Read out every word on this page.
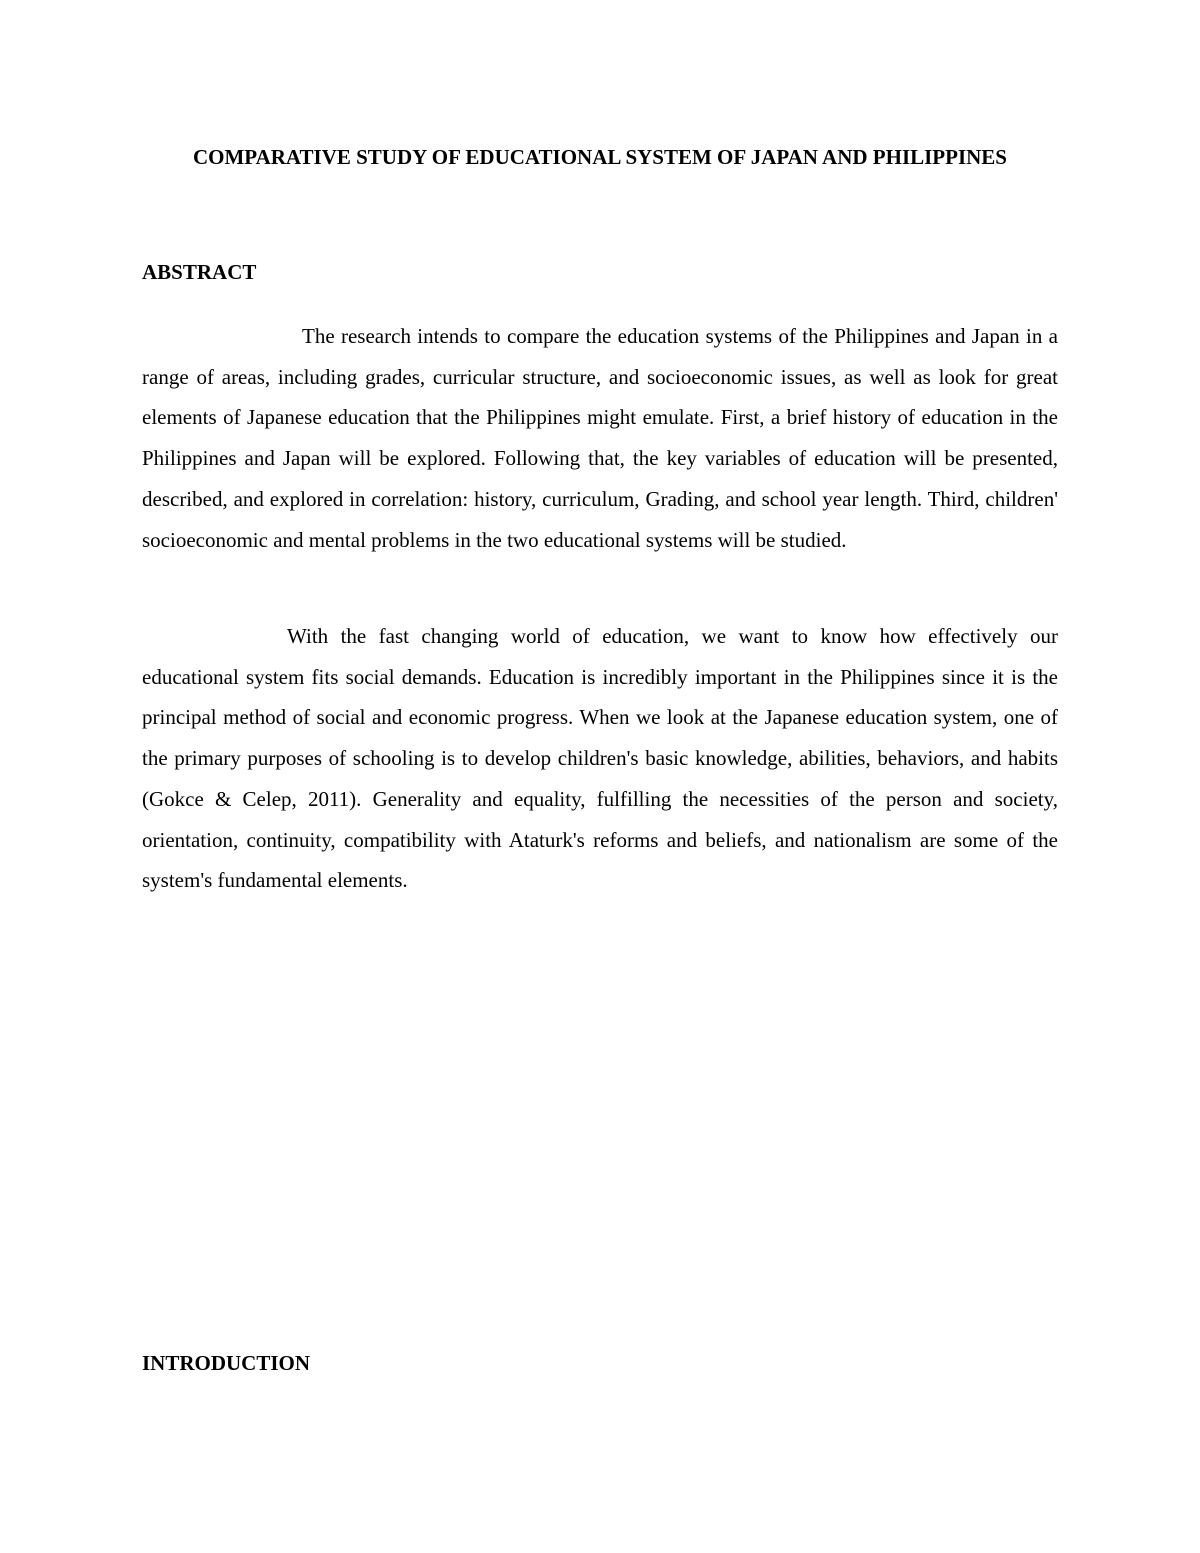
COMPARATIVE STUDY OF EDUCATIONAL SYSTEM OF JAPAN AND PHILIPPINES
ABSTRACT

The research intends to compare the education systems of the Philippines and Japan in a range of areas, including grades, curricular structure, and socioeconomic issues, as well as look for great elements of Japanese education that the Philippines might emulate. First, a brief history of education in the Philippines and Japan will be explored. Following that, the key variables of education will be presented, described, and explored in correlation: history, curriculum, Grading, and school year length. Third, children' socioeconomic and mental problems in the two educational systems will be studied.

With the fast changing world of education, we want to know how effectively our educational system fits social demands. Education is incredibly important in the Philippines since it is the principal method of social and economic progress. When we look at the Japanese education system, one of the primary purposes of schooling is to develop children's basic knowledge, abilities, behaviors, and habits (Gokce & Celep, 2011). Generality and equality, fulfilling the necessities of the person and society, orientation, continuity, compatibility with Ataturk's reforms and beliefs, and nationalism are some of the system's fundamental elements.

INTRODUCTION
